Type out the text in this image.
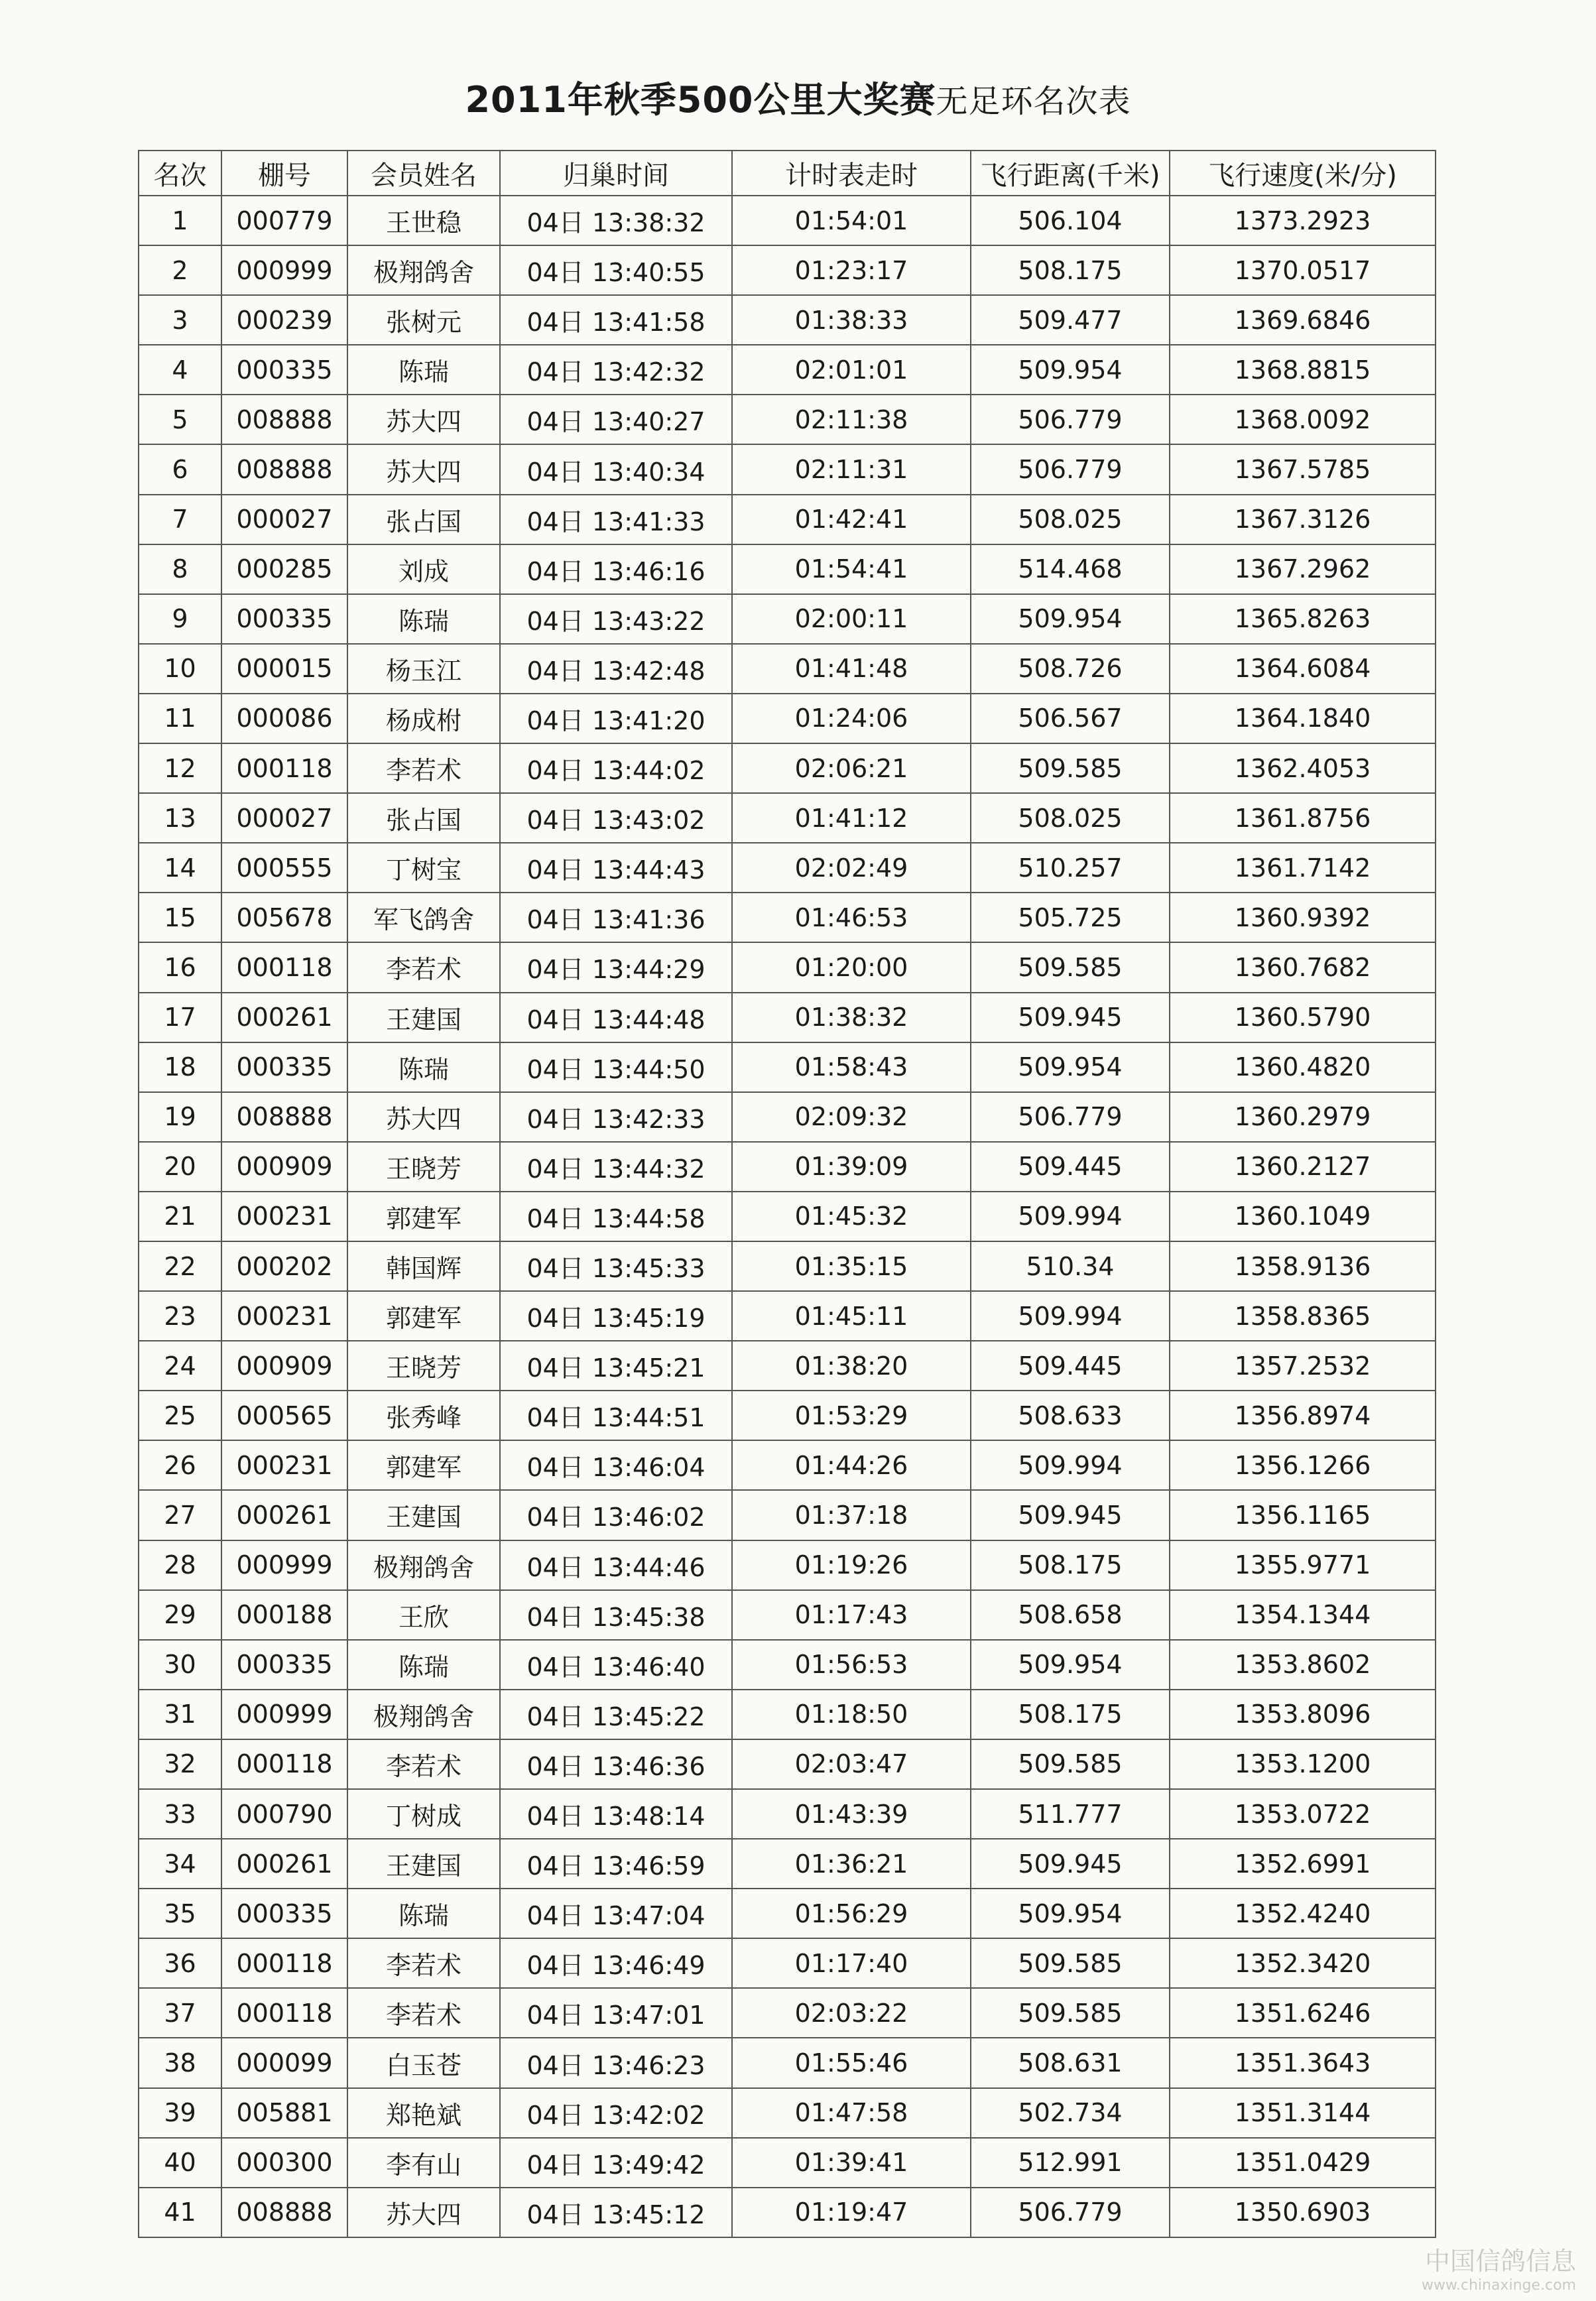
2011年秋季500公里大奖赛无足环名次表
名次	棚号	会员姓名	归巢时间	计时表走时	飞行距离(千米)	飞行速度(米/分)
1	000779	王世稳	04日 13:38:32	01:54:01	506.104	1373.2923
2	000999	极翔鸽舍	04日 13:40:55	01:23:17	508.175	1370.0517
3	000239	张树元	04日 13:41:58	01:38:33	509.477	1369.6846
4	000335	陈瑞	04日 13:42:32	02:01:01	509.954	1368.8815
5	008888	苏大四	04日 13:40:27	02:11:38	506.779	1368.0092
6	008888	苏大四	04日 13:40:34	02:11:31	506.779	1367.5785
7	000027	张占国	04日 13:41:33	01:42:41	508.025	1367.3126
8	000285	刘成	04日 13:46:16	01:54:41	514.468	1367.2962
9	000335	陈瑞	04日 13:43:22	02:00:11	509.954	1365.8263
10	000015	杨玉江	04日 13:42:48	01:41:48	508.726	1364.6084
11	000086	杨成柎	04日 13:41:20	01:24:06	506.567	1364.1840
12	000118	李若术	04日 13:44:02	02:06:21	509.585	1362.4053
13	000027	张占国	04日 13:43:02	01:41:12	508.025	1361.8756
14	000555	丁树宝	04日 13:44:43	02:02:49	510.257	1361.7142
15	005678	军飞鸽舍	04日 13:41:36	01:46:53	505.725	1360.9392
16	000118	李若术	04日 13:44:29	01:20:00	509.585	1360.7682
17	000261	王建国	04日 13:44:48	01:38:32	509.945	1360.5790
18	000335	陈瑞	04日 13:44:50	01:58:43	509.954	1360.4820
19	008888	苏大四	04日 13:42:33	02:09:32	506.779	1360.2979
20	000909	王晓芳	04日 13:44:32	01:39:09	509.445	1360.2127
21	000231	郭建军	04日 13:44:58	01:45:32	509.994	1360.1049
22	000202	韩国辉	04日 13:45:33	01:35:15	510.34	1358.9136
23	000231	郭建军	04日 13:45:19	01:45:11	509.994	1358.8365
24	000909	王晓芳	04日 13:45:21	01:38:20	509.445	1357.2532
25	000565	张秀峰	04日 13:44:51	01:53:29	508.633	1356.8974
26	000231	郭建军	04日 13:46:04	01:44:26	509.994	1356.1266
27	000261	王建国	04日 13:46:02	01:37:18	509.945	1356.1165
28	000999	极翔鸽舍	04日 13:44:46	01:19:26	508.175	1355.9771
29	000188	王欣	04日 13:45:38	01:17:43	508.658	1354.1344
30	000335	陈瑞	04日 13:46:40	01:56:53	509.954	1353.8602
31	000999	极翔鸽舍	04日 13:45:22	01:18:50	508.175	1353.8096
32	000118	李若术	04日 13:46:36	02:03:47	509.585	1353.1200
33	000790	丁树成	04日 13:48:14	01:43:39	511.777	1353.0722
34	000261	王建国	04日 13:46:59	01:36:21	509.945	1352.6991
35	000335	陈瑞	04日 13:47:04	01:56:29	509.954	1352.4240
36	000118	李若术	04日 13:46:49	01:17:40	509.585	1352.3420
37	000118	李若术	04日 13:47:01	02:03:22	509.585	1351.6246
38	000099	白玉苍	04日 13:46:23	01:55:46	508.631	1351.3643
39	005881	郑艳斌	04日 13:42:02	01:47:58	502.734	1351.3144
40	000300	李有山	04日 13:49:42	01:39:41	512.991	1351.0429
41	008888	苏大四	04日 13:45:12	01:19:47	506.779	1350.6903
中国信鸽信息
www.chinaxinge.com
